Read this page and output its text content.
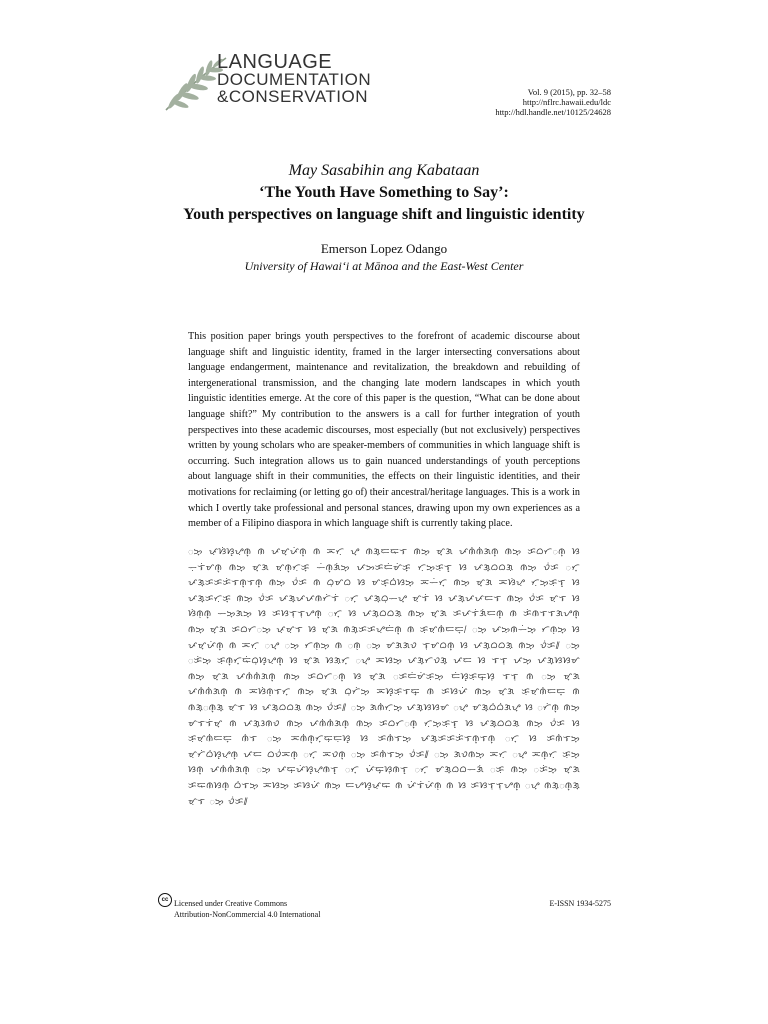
LANGUAGE
DOCUMENTATION
&CONSERVATION	Vol. 9 (2015), pp. 32–58
http://nflrc.hawaii.edu/ldc
http://hdl.handle.net/10125/24628
May Sasabihin ang Kabataan
‘The Youth Have Something to Say’:
Youth perspectives on language shift and linguistic identity
Emerson Lopez Odango
University of Hawai‘i at Mānoa and the East-West Center
This position paper brings youth perspectives to the forefront of academic discourse about language shift and linguistic identity, framed in the larger intersecting conversations about language endangerment, maintenance and revitalization, the breakdown and rebuilding of intergenerational transmission, and the changing late modern landscapes in which youth linguistic identities emerge. At the core of this paper is the question, “What can be done about language shift?” My contribution to the answers is a call for further integration of youth perspectives into these academic discourses, most especially (but not exclusively) perspectives written by young scholars who are speaker-members of communities in which language shift is occurring. Such integration allows us to gain nuanced understandings of youth perceptions about language shift in their communities, the effects on their linguistic identities, and their motivations for reclaiming (or letting go of) their ancestral/heritage languages. This is a work in which I overtly take professional and personal stances, drawing upon my own experiences as a member of a Filipino diaspora in which language shift is currently taking place.
ᜀᜅ᜔ ᜉᜓᜐᜒᜐ᜔ᜌᜓᜈ᜔ ᜈ ᜉᜋ᜔ᜉᜒᜈ᜔ ᜈ ᜁᜆᜓ ᜌ᜔ ᜈᜄ᜔ᜇᜍᜎ ᜈᜅ᜔ ᜋ᜔ᜄ ᜉᜈᜒᜈᜒᜄᜈ᜔ ᜈᜅ᜔ ᜃᜊᜆᜀᜈ᜔ ᜐ ᜑᜓᜎᜒᜋᜈ᜔ ᜈᜅ᜔ ᜋ᜔ᜄ ᜋᜓᜈ᜔ᜆᜓᜃ᜔ ᜑᜒᜈ᜔ᜄᜒᜅ᜔ ᜉᜅᜃᜇᜒᜋᜒᜃ᜔ ᜆᜓᜅ᜔ᜃᜓᜎ᜔ ᜐ ᜉᜄ᜔ᜊᜊᜄᜓ ᜈᜅ᜔ ᜏᜒᜃ ᜀᜆ᜔ ᜉᜄ᜔ᜃᜃᜃᜒᜎᜈ᜔ᜎᜈ᜔ ᜈᜅ᜔ ᜏᜒᜃ ᜈ ᜊᜓᜋᜊ ᜐ ᜋᜃ᜔ᜊᜒᜐᜅ᜔ ᜁᜑᜒᜆ᜔ ᜈᜅ᜔ ᜋ᜔ᜄ ᜁᜐᜒᜌᜓ ᜆᜓᜅ᜔ᜃᜓᜎ᜔ ᜐ ᜉᜄ᜔ᜃᜆᜓᜃ᜔ ᜈᜅ᜔ ᜏᜒᜃ ᜉᜄ᜔ᜉᜉᜈᜆᜒᜎᜒ ᜀᜆ᜔ ᜉᜄ᜔ᜊᜓᜑᜌ᜔ ᜋᜓᜎᜒ ᜐ ᜉᜄ᜔ᜉᜉᜇᜎ ᜈᜅ᜔ ᜏᜒᜃ ᜋᜓᜎ ᜐ ᜐᜒᜈᜓᜈ᜔ ᜑᜅ᜔ᜄᜅ᜔ ᜐ ᜃᜐᜎᜓᜎᜓᜌᜈ᜔ ᜀᜆ᜔ ᜐ ᜉᜄ᜔ᜊᜊᜄᜓ ᜈᜅ᜔ ᜋ᜔ᜄ ᜃᜉᜎᜒᜄᜒᜇᜈ᜔ ᜈ ᜃᜒᜈᜎᜎᜄᜌᜈ᜔ ᜈᜅ᜔ ᜋ᜔ᜄ ᜃᜊᜆᜀᜅ᜔ ᜉᜓᜋᜓᜎ ᜐ ᜋ᜔ᜄ ᜈᜄ᜔ᜃᜃᜌᜓᜇᜒᜈ᜔ ᜈ ᜃᜓᜋᜓᜈᜒᜇᜇ᜔᜵ ᜀᜅ᜔ ᜉᜅᜓᜈᜑᜒᜅ᜔ ᜆᜈᜓᜅ᜔ ᜐ ᜉᜋ᜔ᜉᜒᜈ᜔ ᜈ ᜁᜆᜓ ᜀᜌ᜔ ᜀᜅ᜔ ᜆᜈᜓᜅ᜔ ᜈ ᜀᜈᜓ ᜀᜅ᜔ ᜋᜄᜄᜏ ᜎᜓᜋᜊᜈ᜔ ᜐ ᜉᜄ᜔ᜊᜊᜄᜓ ᜈᜅ᜔ ᜏᜒᜃ᜶ ᜀᜅ᜔ ᜀᜃᜒᜅ᜔ ᜃᜓᜈ᜔ᜆ᜔ᜍᜒᜊᜓᜐ᜔ᜌᜓᜈ᜔ ᜐ ᜋ᜔ᜄ ᜐᜄᜓᜆ᜔ ᜀᜌ᜔ ᜁᜐᜅ᜔ ᜉᜄ᜔ᜆᜏᜄ᜔ ᜉᜇ ᜐ ᜎᜎᜓ ᜉᜅ᜔ ᜉᜄ᜔ᜐᜐᜋ ᜈᜅ᜔ ᜋ᜔ᜄ ᜉᜈᜒᜈᜒᜄᜈ᜔ ᜈᜅ᜔ ᜃᜊᜆᜀᜈ᜔ ᜐ ᜋ᜔ᜄ ᜀᜃᜇᜒᜋᜒᜃᜓᜅ᜔ ᜇᜒᜐ᜔ᜃᜓᜍ᜔ᜐᜓ ᜎᜎᜓ ᜈ ᜀᜅ᜔ ᜋ᜔ᜄ ᜉᜈᜒᜈᜒᜄᜈ᜔ ᜈ ᜁᜐᜒᜈᜓᜎᜆ᜔ ᜈᜅ᜔ ᜋ᜔ᜄ ᜊᜓᜆᜒᜅ᜔ ᜁᜐ᜔ᜃᜓᜎᜍ᜔ ᜈ ᜃᜐᜉᜒ ᜈᜅ᜔ ᜋ᜔ᜄ ᜃᜓᜋᜓᜈᜒᜇᜇ᜔ ᜈ ᜈᜄ᜔ᜀᜈ᜔ᜄ᜔ ᜋᜓᜎ ᜐ ᜉᜄ᜔ᜊᜊᜄᜓ ᜈᜅ᜔ ᜏᜒᜃ᜶ ᜀᜅ᜔ ᜄᜈᜒᜆᜓᜅ᜔ ᜉᜄ᜔ᜐᜐᜋ ᜀᜌ᜔ ᜋᜄ᜔ᜊᜒᜊᜒᜄᜌ᜔ ᜐ ᜀᜆᜒᜈ᜔ ᜈᜅ᜔ ᜋᜎᜎᜒᜋ᜔ ᜈ ᜉᜄ᜔ᜂᜈᜏ ᜈᜅ᜔ ᜉᜈᜒᜈᜒᜄᜈ᜔ ᜈᜅ᜔ ᜃᜊᜆᜀᜈ᜔ ᜆᜓᜅ᜔ᜃᜓᜎ᜔ ᜐ ᜉᜄ᜔ᜊᜊᜄᜓ ᜈᜅ᜔ ᜏᜒᜃ ᜐ ᜃᜓᜋᜓᜈᜒᜇᜇ᜔ ᜈᜒᜎ ᜀᜅ᜔ ᜁᜈᜒᜈ᜔ᜆ᜔ᜍᜓᜇᜓᜐ᜔ ᜐ ᜃᜈᜒᜎᜅ᜔ ᜉᜄ᜔ᜃᜃᜃᜒᜎᜈ᜔ᜎᜈ᜔ ᜀᜆ᜔ ᜐ ᜃᜈᜒᜎᜅ᜔ ᜋᜓᜆᜒᜊᜒᜐ᜔ᜌᜓᜈ᜔ ᜉᜇ ᜊᜏᜒᜁᜈ᜔ ᜀᜆ᜔ ᜁᜏᜈ᜔ ᜀᜅ᜔ ᜃᜈᜒᜎᜅ᜔ ᜏᜒᜃ᜶ ᜀᜅ᜔ ᜄᜏᜈᜅ᜔ ᜁᜆᜓ ᜀᜌ᜔ ᜁᜈ᜔ᜆᜓ ᜃᜓᜅ᜔ ᜐᜈ᜔ ᜉᜈᜒᜈᜒᜄᜈ᜔ ᜀᜅ᜔ ᜉᜍᜓᜉᜒᜐ᜔ᜌᜓᜈᜎ᜔ ᜀᜆ᜔ ᜉᜒᜍ᜔ᜐᜓᜈᜎ᜔ ᜀᜆ᜔ ᜋᜄ᜔ᜊᜊᜑᜄᜒ ᜀᜃᜓ ᜈᜅ᜔ ᜀᜃᜒᜅ᜔ ᜋ᜔ᜄ ᜃᜍᜈᜐᜈ᜔ ᜊᜒᜎᜅ᜔ ᜁᜐᜅ᜔ ᜃᜐᜉᜒ ᜈᜅ᜔ ᜇᜌᜐ᜔ᜉᜓᜍ ᜈ ᜉᜒᜎᜒᜉᜒᜈᜓ ᜈ ᜐ ᜃᜐᜎᜓᜎᜓᜌᜈ᜔ ᜀᜌ᜔ ᜈᜄ᜔ᜀᜈ᜔ᜄ᜔ ᜋᜓᜎ ᜀᜅ᜔ ᜏᜒᜃ᜶
cc Licensed under Creative Commons
Attribution-NonCommercial 4.0 International
E-ISSN 1934-5275
